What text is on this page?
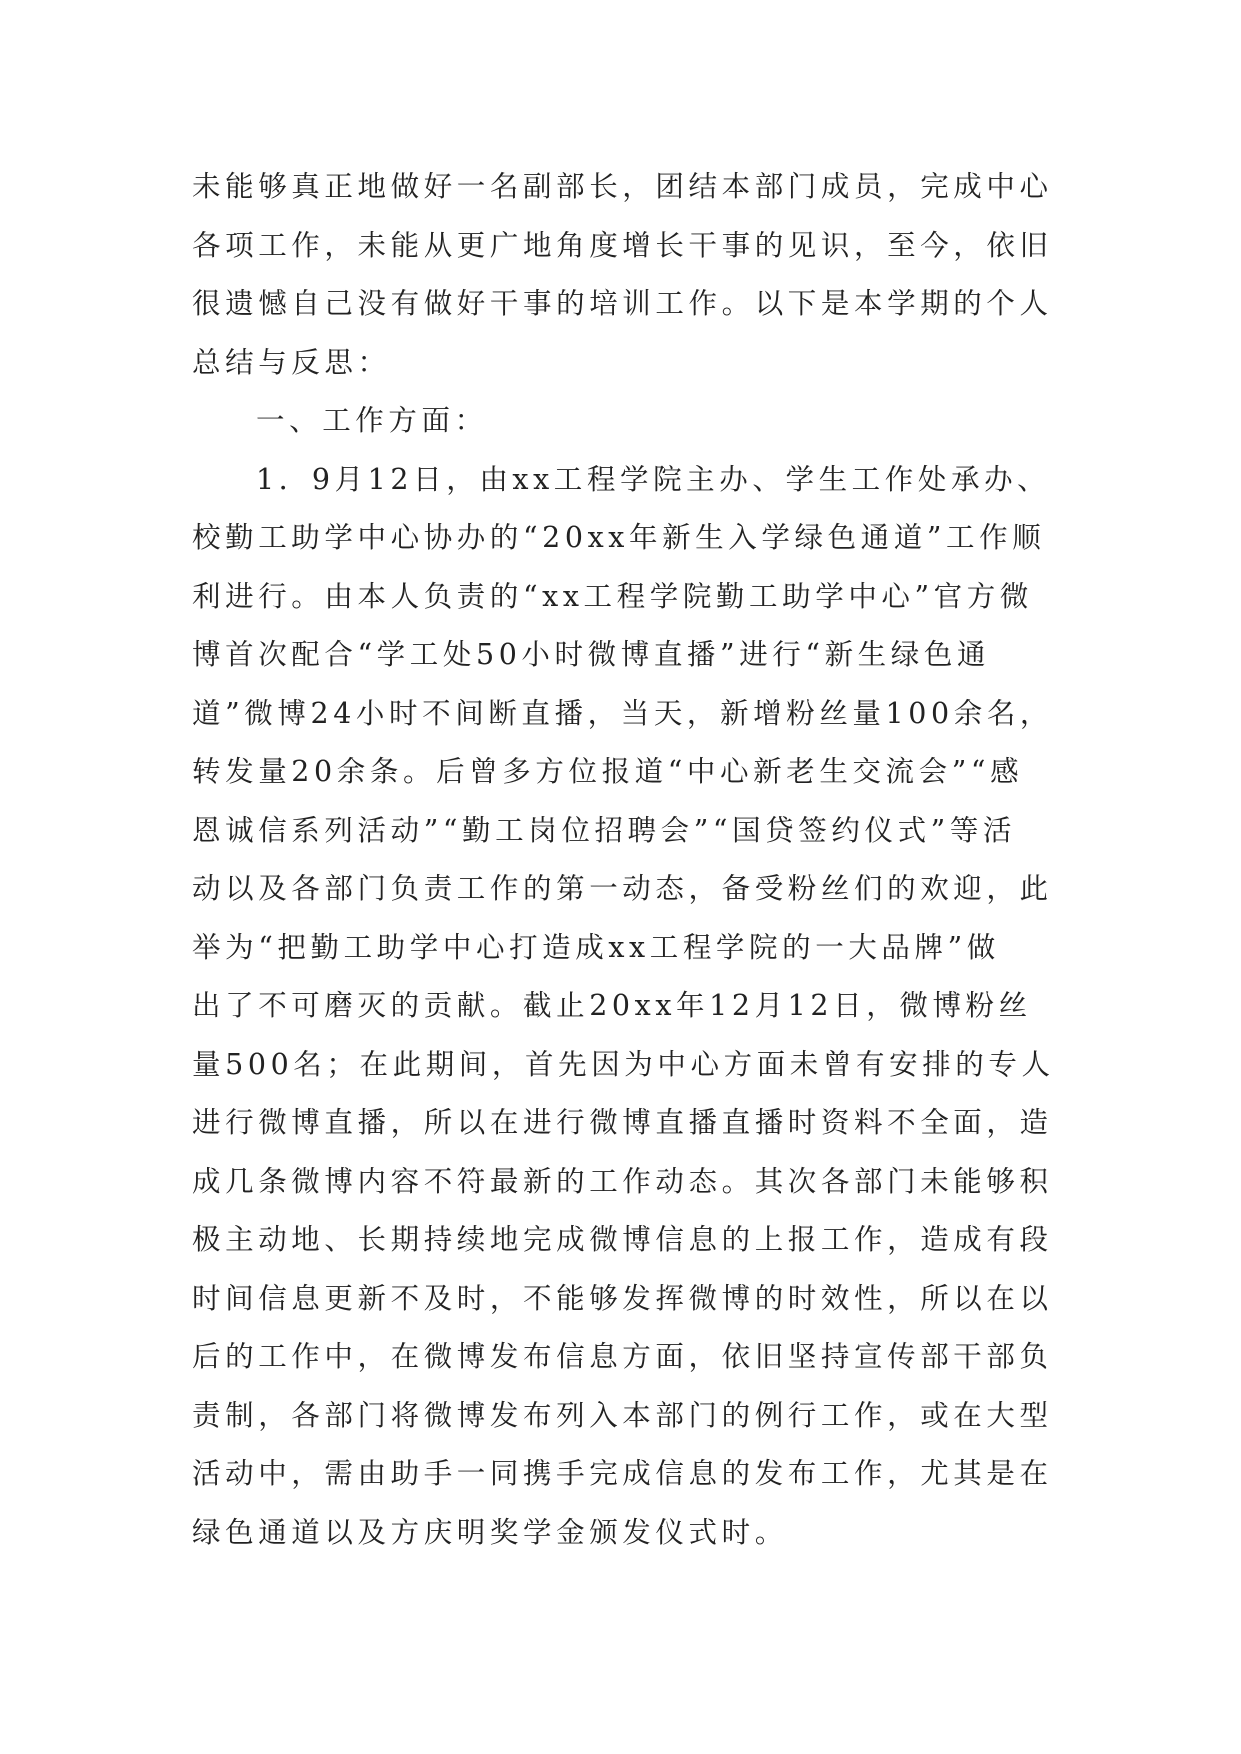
未能够真正地做好一名副部长，团结本部门成员，完成中心
各项工作，未能从更广地角度增长干事的见识，至今，依旧
很遗憾自己没有做好干事的培训工作。以下是本学期的个人
总结与反思：
一、工作方面：
1．9月12日，由xx工程学院主办、学生工作处承办、
校勤工助学中心协办的“20xx年新生入学绿色通道”工作顺
利进行。由本人负责的“xx工程学院勤工助学中心”官方微
博首次配合“学工处50小时微博直播”进行“新生绿色通
道”微博24小时不间断直播，当天，新增粉丝量100余名，
转发量20余条。后曾多方位报道“中心新老生交流会”“感
恩诚信系列活动”“勤工岗位招聘会”“国贷签约仪式”等活
动以及各部门负责工作的第一动态，备受粉丝们的欢迎，此
举为“把勤工助学中心打造成xx工程学院的一大品牌”做
出了不可磨灭的贡献。截止20xx年12月12日，微博粉丝
量500名；在此期间，首先因为中心方面未曾有安排的专人
进行微博直播，所以在进行微博直播直播时资料不全面，造
成几条微博内容不符最新的工作动态。其次各部门未能够积
极主动地、长期持续地完成微博信息的上报工作，造成有段
时间信息更新不及时，不能够发挥微博的时效性，所以在以
后的工作中，在微博发布信息方面，依旧坚持宣传部干部负
责制，各部门将微博发布列入本部门的例行工作，或在大型
活动中，需由助手一同携手完成信息的发布工作，尤其是在
绿色通道以及方庆明奖学金颁发仪式时。
